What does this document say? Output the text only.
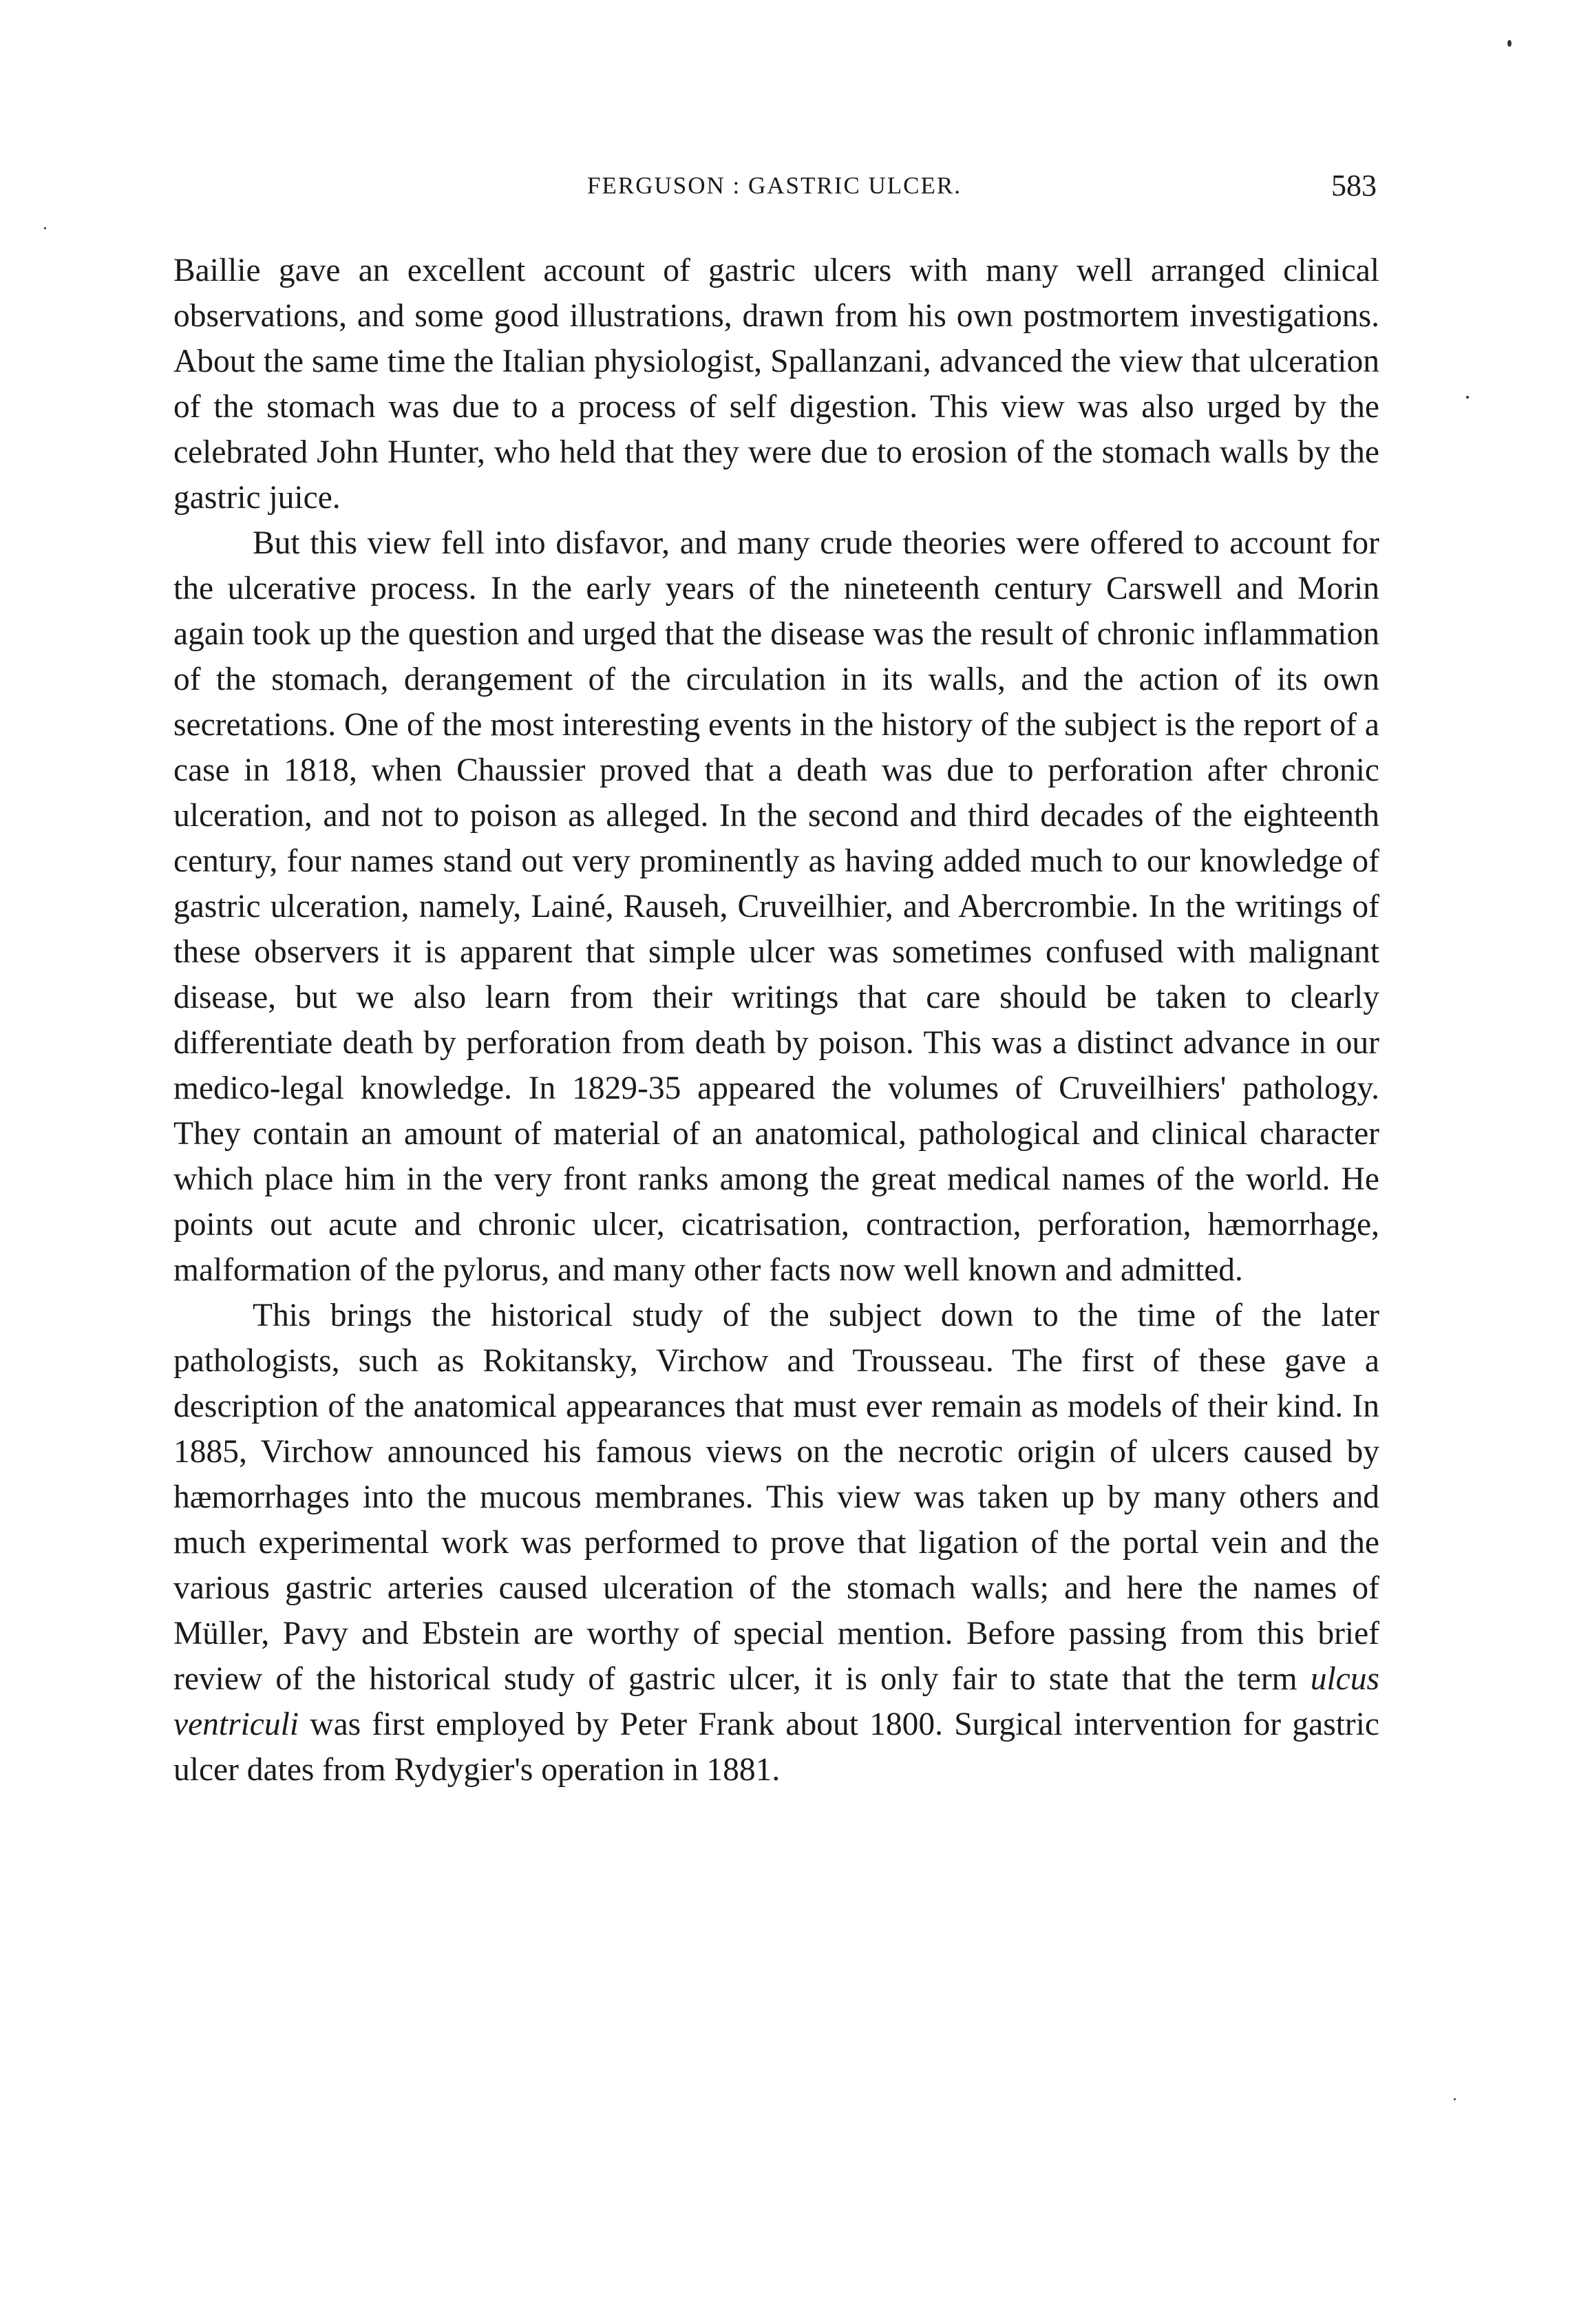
FERGUSON : GASTRIC ULCER.	583

Baillie gave an excellent account of gastric ulcers with many well arranged clinical observations, and some good illustrations, drawn from his own postmortem investigations. About the same time the Italian physiologist, Spallanzani, advanced the view that ulceration of the stomach was due to a process of self digestion. This view was also urged by the celebrated John Hunter, who held that they were due to erosion of the stomach walls by the gastric juice.

But this view fell into disfavor, and many crude theories were offered to account for the ulcerative process. In the early years of the nineteenth century Carswell and Morin again took up the question and urged that the disease was the result of chronic inflammation of the stomach, derangement of the circulation in its walls, and the action of its own secretations. One of the most interesting events in the history of the subject is the report of a case in 1818, when Chaussier proved that a death was due to perforation after chronic ulceration, and not to poison as alleged. In the second and third decades of the eighteenth century, four names stand out very prominently as having added much to our knowledge of gastric ulceration, namely, Lainé, Rauseh, Cruveilhier, and Abercrombie. In the writings of these observers it is apparent that simple ulcer was sometimes confused with malignant disease, but we also learn from their writings that care should be taken to clearly differentiate death by perforation from death by poison. This was a distinct advance in our medico-legal knowledge. In 1829-35 appeared the volumes of Cruveilhiers' pathology. They contain an amount of material of an anatomical, pathological and clinical character which place him in the very front ranks among the great medical names of the world. He points out acute and chronic ulcer, cicatrisation, contraction, perforation, hæmorrhage, malformation of the pylorus, and many other facts now well known and admitted.

This brings the historical study of the subject down to the time of the later pathologists, such as Rokitansky, Virchow and Trousseau. The first of these gave a description of the anatomical appearances that must ever remain as models of their kind. In 1885, Virchow announced his famous views on the necrotic origin of ulcers caused by hæmorrhages into the mucous membranes. This view was taken up by many others and much experimental work was performed to prove that ligation of the portal vein and the various gastric arteries caused ulceration of the stomach walls; and here the names of Müller, Pavy and Ebstein are worthy of special mention. Before passing from this brief review of the historical study of gastric ulcer, it is only fair to state that the term ulcus ventriculi was first employed by Peter Frank about 1800. Surgical intervention for gastric ulcer dates from Rydygier's operation in 1881.
